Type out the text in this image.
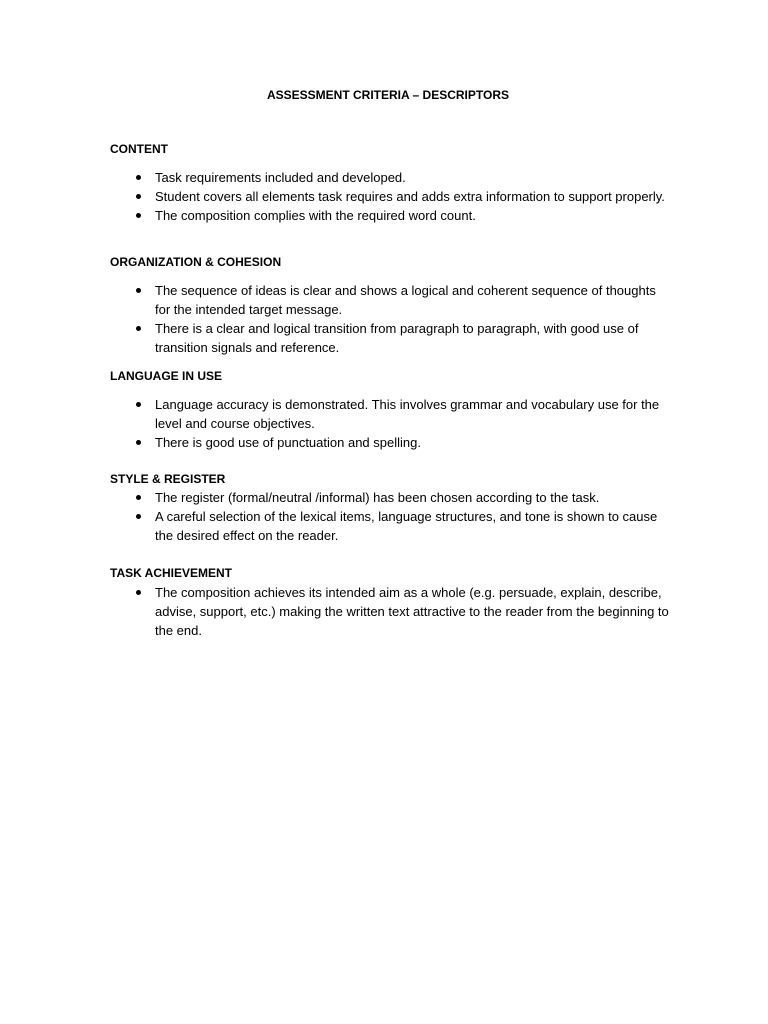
ASSESSMENT CRITERIA – DESCRIPTORS
CONTENT
Task requirements included and developed.
Student covers all elements task requires and adds extra information to support properly.
The composition complies with the required word count.
ORGANIZATION & COHESION
The sequence of ideas is clear and shows a logical and coherent sequence of thoughts for the intended target message.
There is a clear and logical transition from paragraph to paragraph, with good use of transition signals and reference.
LANGUAGE IN USE
Language accuracy is demonstrated. This involves grammar and vocabulary use for the level and course objectives.
There is good use of punctuation and spelling.
STYLE & REGISTER
The register (formal/neutral /informal) has been chosen according to the task.
A careful selection of the lexical items, language structures, and tone is shown to cause the desired effect on the reader.
TASK ACHIEVEMENT
The composition achieves its intended aim as a whole (e.g. persuade, explain, describe, advise, support, etc.) making the written text attractive to the reader from the beginning to the end.
